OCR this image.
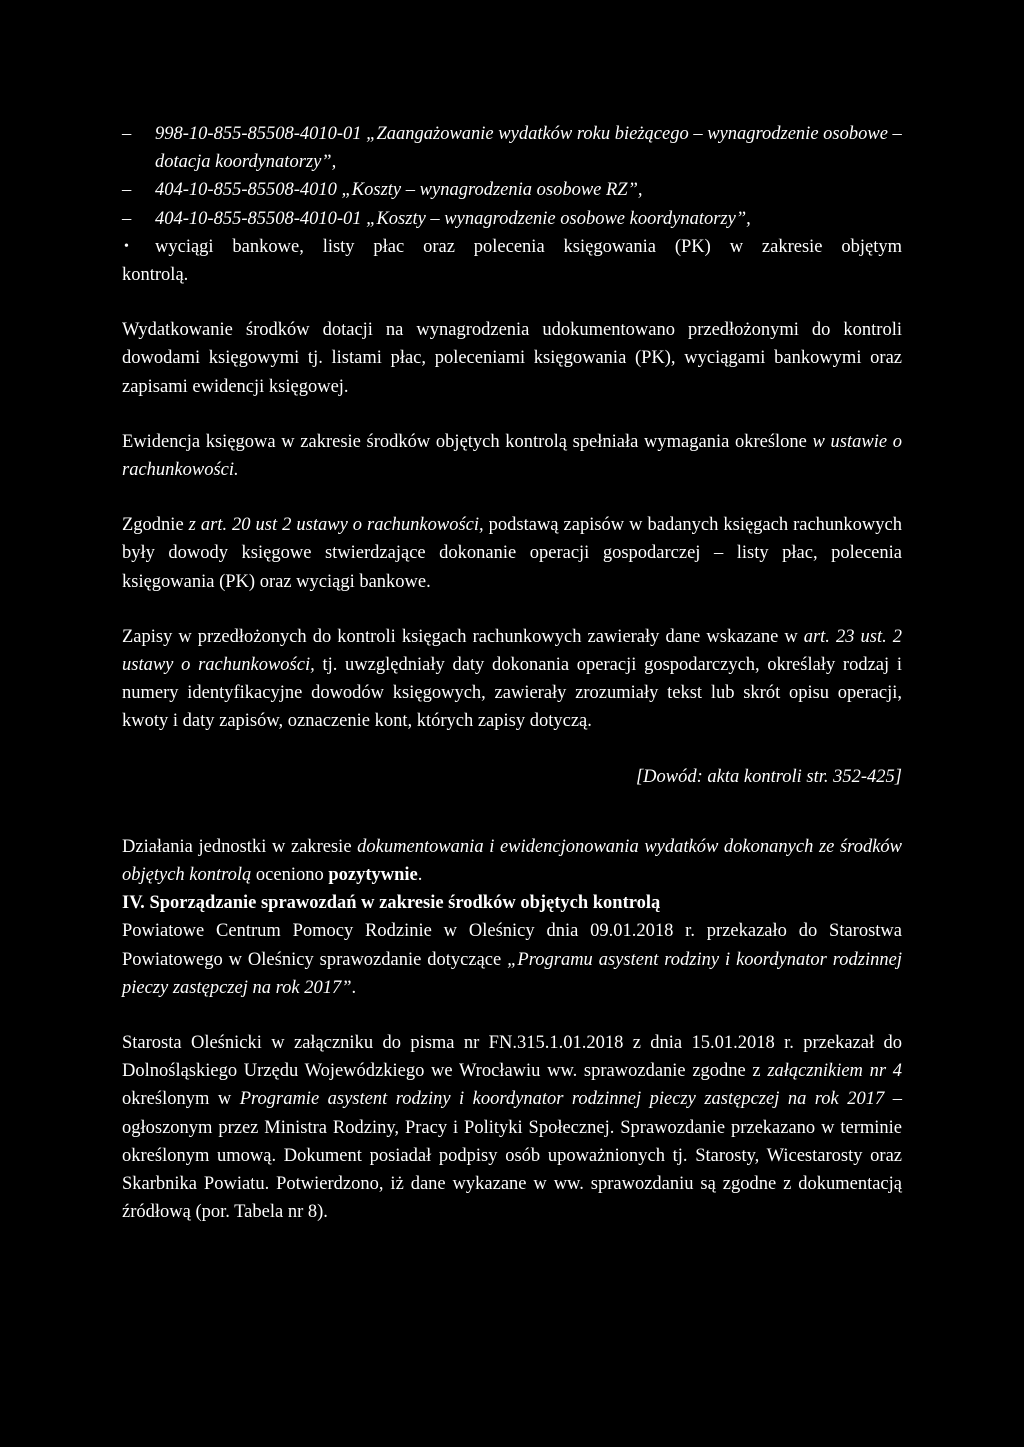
– 998-10-855-85508-4010-01 „Zaangażowanie wydatków roku bieżącego – wynagrodzenie osobowe – dotacja koordynatorzy”,
– 404-10-855-85508-4010 „Koszty – wynagrodzenia osobowe RZ”,
– 404-10-855-85508-4010-01 „Koszty – wynagrodzenie osobowe koordynatorzy”,
• wyciągi bankowe, listy płac oraz polecenia księgowania (PK) w zakresie objętym
kontrolą.

Wydatkowanie środków dotacji na wynagrodzenia udokumentowano przedłożonymi do kontroli dowodami księgowymi tj. listami płac, poleceniami księgowania (PK), wyciągami bankowymi oraz zapisami ewidencji księgowej.

Ewidencja księgowa w zakresie środków objętych kontrolą spełniała wymagania określone w ustawie o rachunkowości.

Zgodnie z art. 20 ust 2 ustawy o rachunkowości, podstawą zapisów w badanych księgach rachunkowych były dowody księgowe stwierdzające dokonanie operacji gospodarczej – listy płac, polecenia księgowania (PK) oraz wyciągi bankowe.

Zapisy w przedłożonych do kontroli księgach rachunkowych zawierały dane wskazane w art. 23 ust. 2 ustawy o rachunkowości, tj. uwzględniały daty dokonania operacji gospodarczych, określały rodzaj i numery identyfikacyjne dowodów księgowych, zawierały zrozumiały tekst lub skrót opisu operacji, kwoty i daty zapisów, oznaczenie kont, których zapisy dotyczą.

[Dowód: akta kontroli str. 352-425]

Działania jednostki w zakresie dokumentowania i ewidencjonowania wydatków dokonanych ze środków objętych kontrolą oceniono pozytywnie.

IV. Sporządzanie sprawozdań w zakresie środków objętych kontrolą

Powiatowe Centrum Pomocy Rodzinie w Oleśnicy dnia 09.01.2018 r. przekazało do Starostwa Powiatowego w Oleśnicy sprawozdanie dotyczące „Programu asystent rodziny i koordynator rodzinnej pieczy zastępczej na rok 2017”.

Starosta Oleśnicki w załączniku do pisma nr FN.315.1.01.2018 z dnia 15.01.2018 r. przekazał do Dolnośląskiego Urzędu Wojewódzkiego we Wrocławiu ww. sprawozdanie zgodne z załącznikiem nr 4 określonym w Programie asystent rodziny i koordynator rodzinnej pieczy zastępczej na rok 2017 – ogłoszonym przez Ministra Rodziny, Pracy i Polityki Społecznej. Sprawozdanie przekazano w terminie określonym umową. Dokument posiadał podpisy osób upoważnionych tj. Starosty, Wicestarosty oraz Skarbnika Powiatu. Potwierdzono, iż dane wykazane w ww. sprawozdaniu są zgodne z dokumentacją źródłową (por. Tabela nr 8).
